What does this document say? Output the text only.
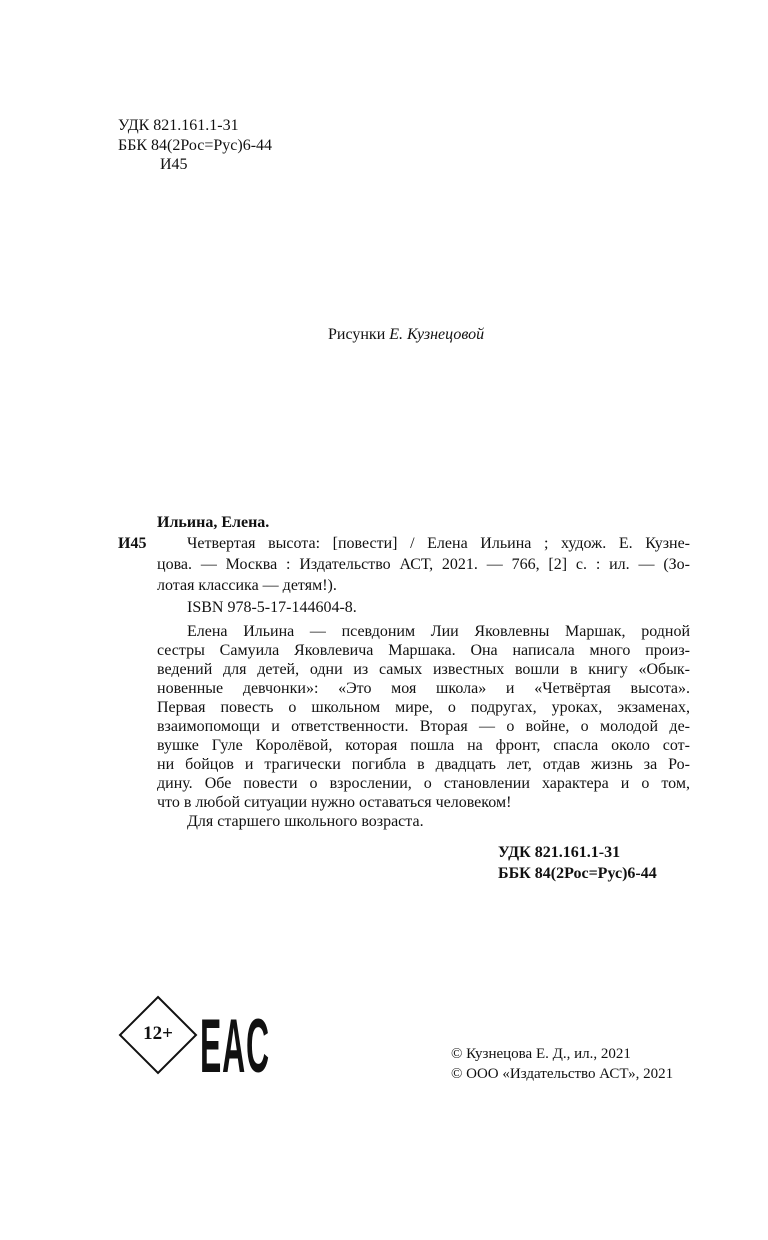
УДК 821.161.1-31
ББК 84(2Рос=Рус)6-44
И45
Рисунки Е. Кузнецовой
Ильина, Елена.
И45	Четвертая высота: [повести] / Елена Ильина ; худож. Е. Кузне-
цова. — Москва : Издательство АСТ, 2021. — 766, [2] с. : ил. — (Зо-
лотая классика — детям!).
ISBN 978-5-17-144604-8.
Елена Ильина — псевдоним Лии Яковлевны Маршак, родной
сестры Самуила Яковлевича Маршака. Она написала много произ-
ведений для детей, одни из самых известных вошли в книгу «Обык-
новенные девчонки»: «Это моя школа» и «Четвёртая высота».
Первая повесть о школьном мире, о подругах, уроках, экзаменах,
взаимопомощи и ответственности. Вторая — о войне, о молодой де-
вушке Гуле Королёвой, которая пошла на фронт, спасла около сот-
ни бойцов и трагически погибла в двадцать лет, отдав жизнь за Ро-
дину. Обе повести о взрослении, о становлении характера и о том,
что в любой ситуации нужно оставаться человеком!
Для старшего школьного возраста.
УДК 821.161.1-31
ББК 84(2Рос=Рус)6-44
12+ EAC	© Кузнецова Е. Д., ил., 2021
© ООО «Издательство АСТ», 2021
